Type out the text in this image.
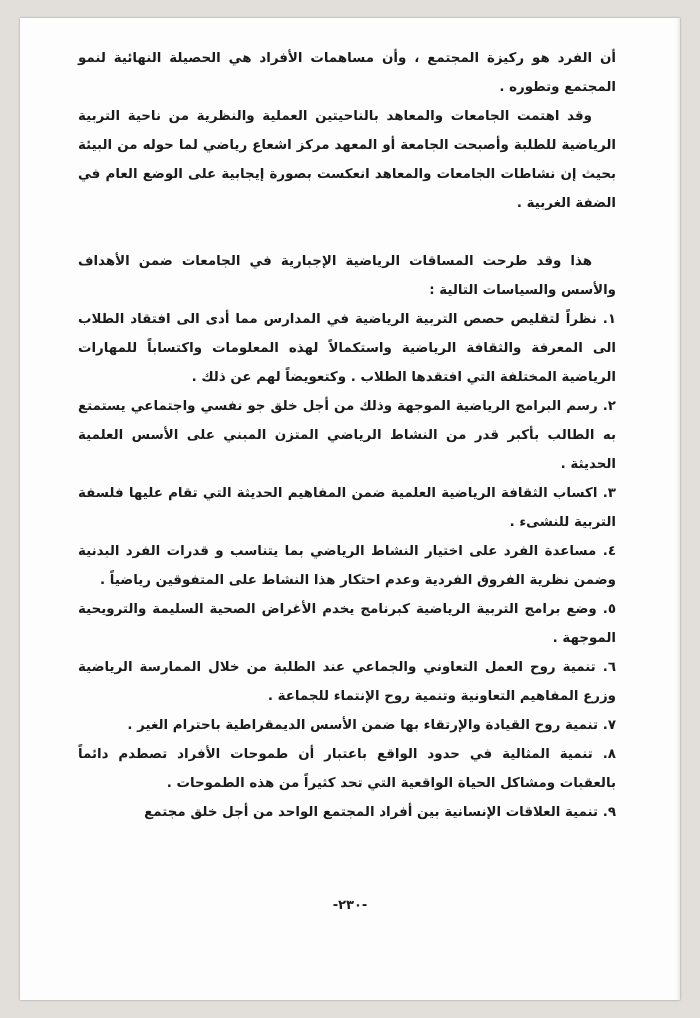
أن الفرد هو ركيزة المجتمع ، وأن مساهمات الأفراد هي الحصيلة النهائية لنمو المجتمع وتطوره .

وقد اهتمت الجامعات والمعاهد بالناحيتين العملية والنظرية من ناحية التربية الرياضية للطلبة وأصبحت الجامعة أو المعهد مركز اشعاع رياضي لما حوله من البيئة بحيث إن نشاطات الجامعات والمعاهد انعكست بصورة إيجابية على الوضع العام في الضفة الغربية .

هذا وقد طرحت المساقات الرياضية الإجبارية في الجامعات ضمن الأهداف والأسس والسياسات التالية :

١. نظراً لتقليص حصص التربية الرياضية في المدارس مما أدى الى افتقاد الطلاب الى المعرفة والثقافة الرياضية واستكمالاً لهذه المعلومات واكتساباً للمهارات الرياضية المختلفة التي افتقدها الطلاب . وكتعويضاً لهم عن ذلك .
٢. رسم البرامج الرياضية الموجهة وذلك من أجل خلق جو نفسي واجتماعي يستمتع به الطالب بأكبر قدر من النشاط الرياضي المتزن المبني على الأسس العلمية الحديثة .
٣. اكساب الثقافة الرياضية العلمية ضمن المفاهيم الحديثة التي تقام عليها فلسفة التربية للنشىء .
٤. مساعدة الفرد على اختيار النشاط الرياضي بما يتناسب و قدرات الفرد البدنية وضمن نظرية الفروق الفردية وعدم احتكار هذا النشاط على المتفوقين رياضياً .
٥. وضع برامج التربية الرياضية كبرنامج يخدم الأغراض الصحية السليمة والترويحية الموجهة .
٦. تنمية روح العمل التعاوني والجماعي عند الطلبة من خلال الممارسة الرياضية وزرع المفاهيم التعاونية وتنمية روح الإنتماء للجماعة .
٧. تنمية روح القيادة والإرتقاء بها ضمن الأسس الديمقراطية باحترام الغير .
٨. تنمية المثالية في حدود الواقع باعتبار أن طموحات الأفراد تصطدم دائماً بالعقبات ومشاكل الحياة الواقعية التي تحد كثيراً من هذه الطموحات .
٩. تنمية العلاقات الإنسانية بين أفراد المجتمع الواحد من أجل خلق مجتمع
-٢٣٠-
